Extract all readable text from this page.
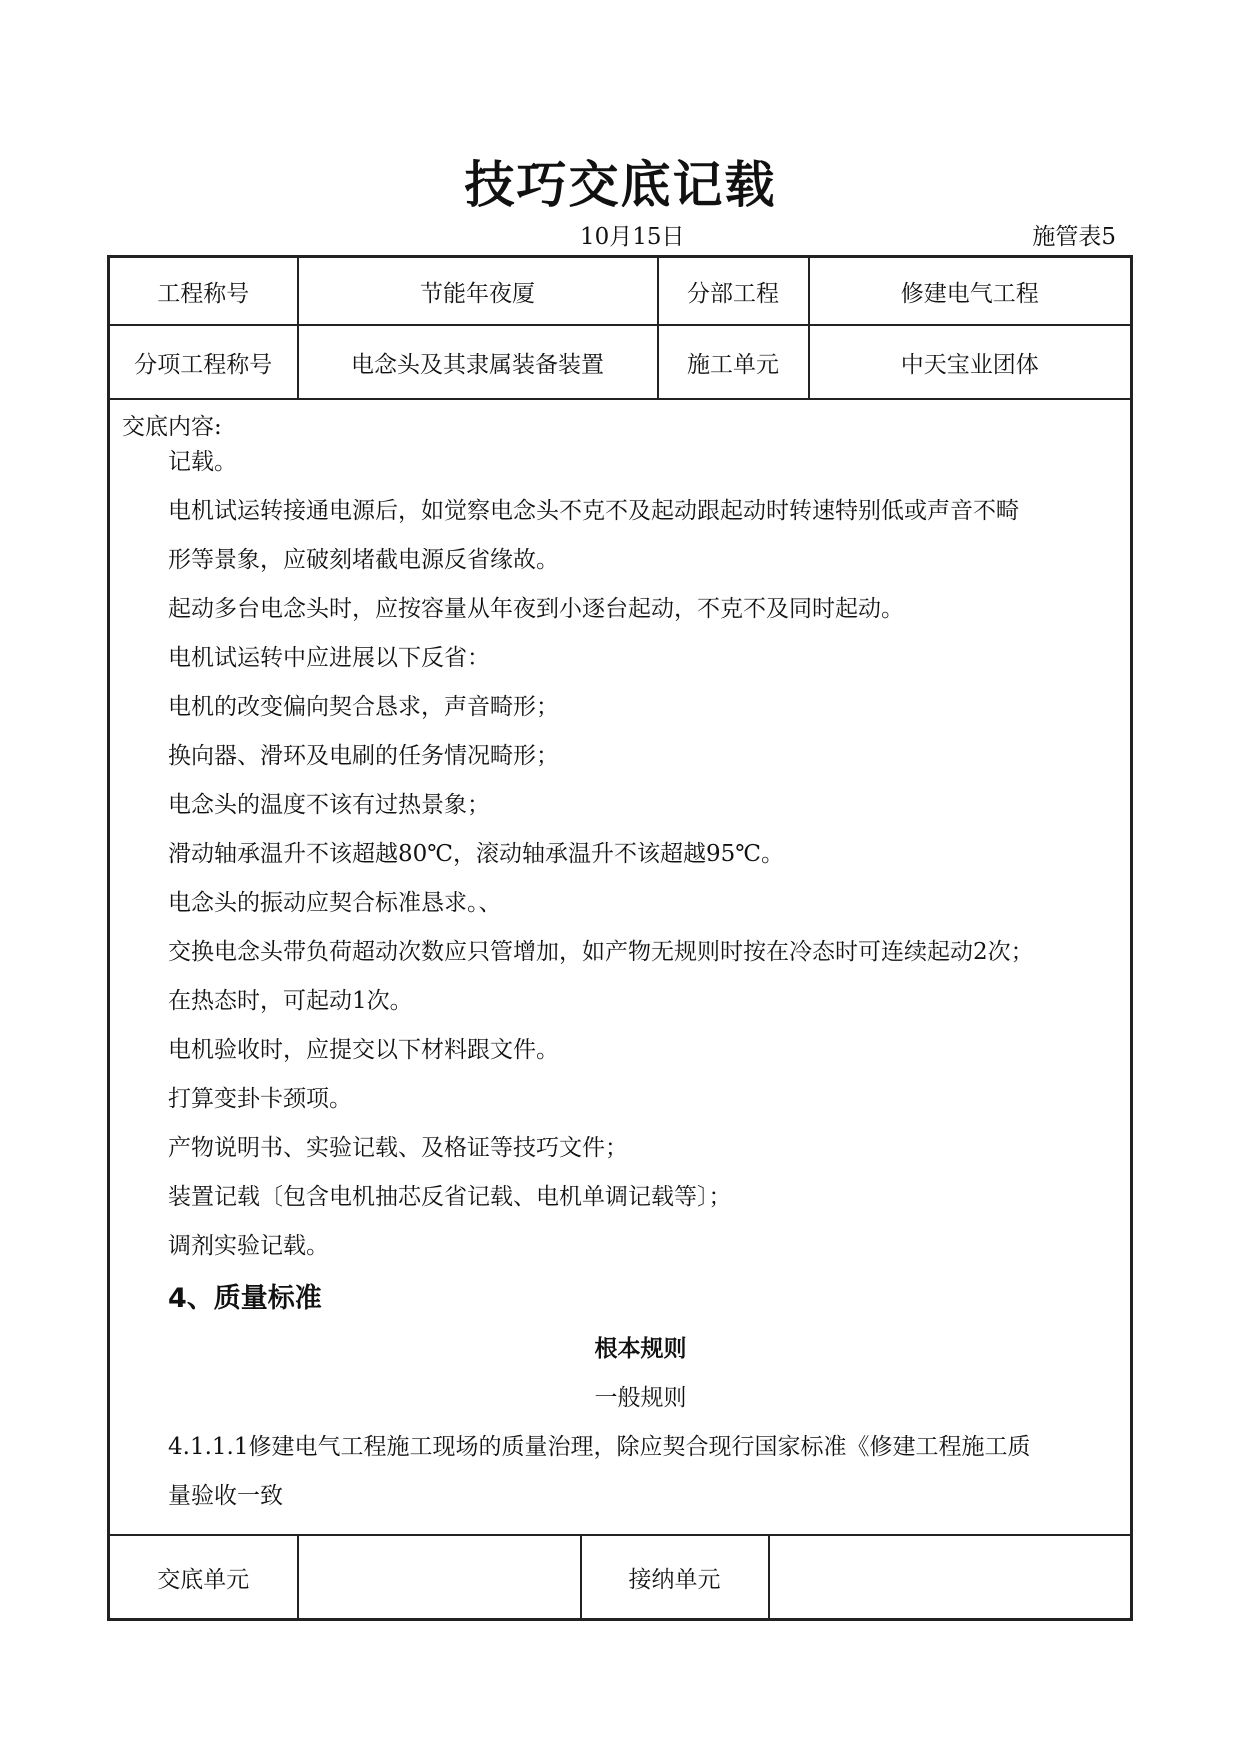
技巧交底记载
10月15日	施管表5
工程称号	节能年夜厦	分部工程	修建电气工程
分项工程称号	电念头及其隶属装备装置	施工单元	中天宝业团体
交底内容:

记载。

电机试运转接通电源后，如觉察电念头不克不及起动跟起动时转速特别低或声音不畸

形等景象，应破刻堵截电源反省缘故。

起动多台电念头时，应按容量从年夜到小逐台起动，不克不及同时起动。

电机试运转中应进展以下反省：

电机的改变偏向契合恳求，声音畸形；

换向器、滑环及电刷的任务情况畸形；

电念头的温度不该有过热景象；

滑动轴承温升不该超越80℃，滚动轴承温升不该超越95℃。

电念头的振动应契合标准恳求。、

交换电念头带负荷超动次数应只管增加，如产物无规则时按在冷态时可连续起动2次；

在热态时，可起动1次。

电机验收时，应提交以下材料跟文件。

打算变卦卡颈项。

产物说明书、实验记载、及格证等技巧文件；

装置记载〔包含电机抽芯反省记载、电机单调记载等〕；

调剂实验记载。

4、质量标准

根本规则

一般规则

4.1.1.1修建电气工程施工现场的质量治理，除应契合现行国家标准《修建工程施工质

量验收一致

交底单元		接纳单元	
